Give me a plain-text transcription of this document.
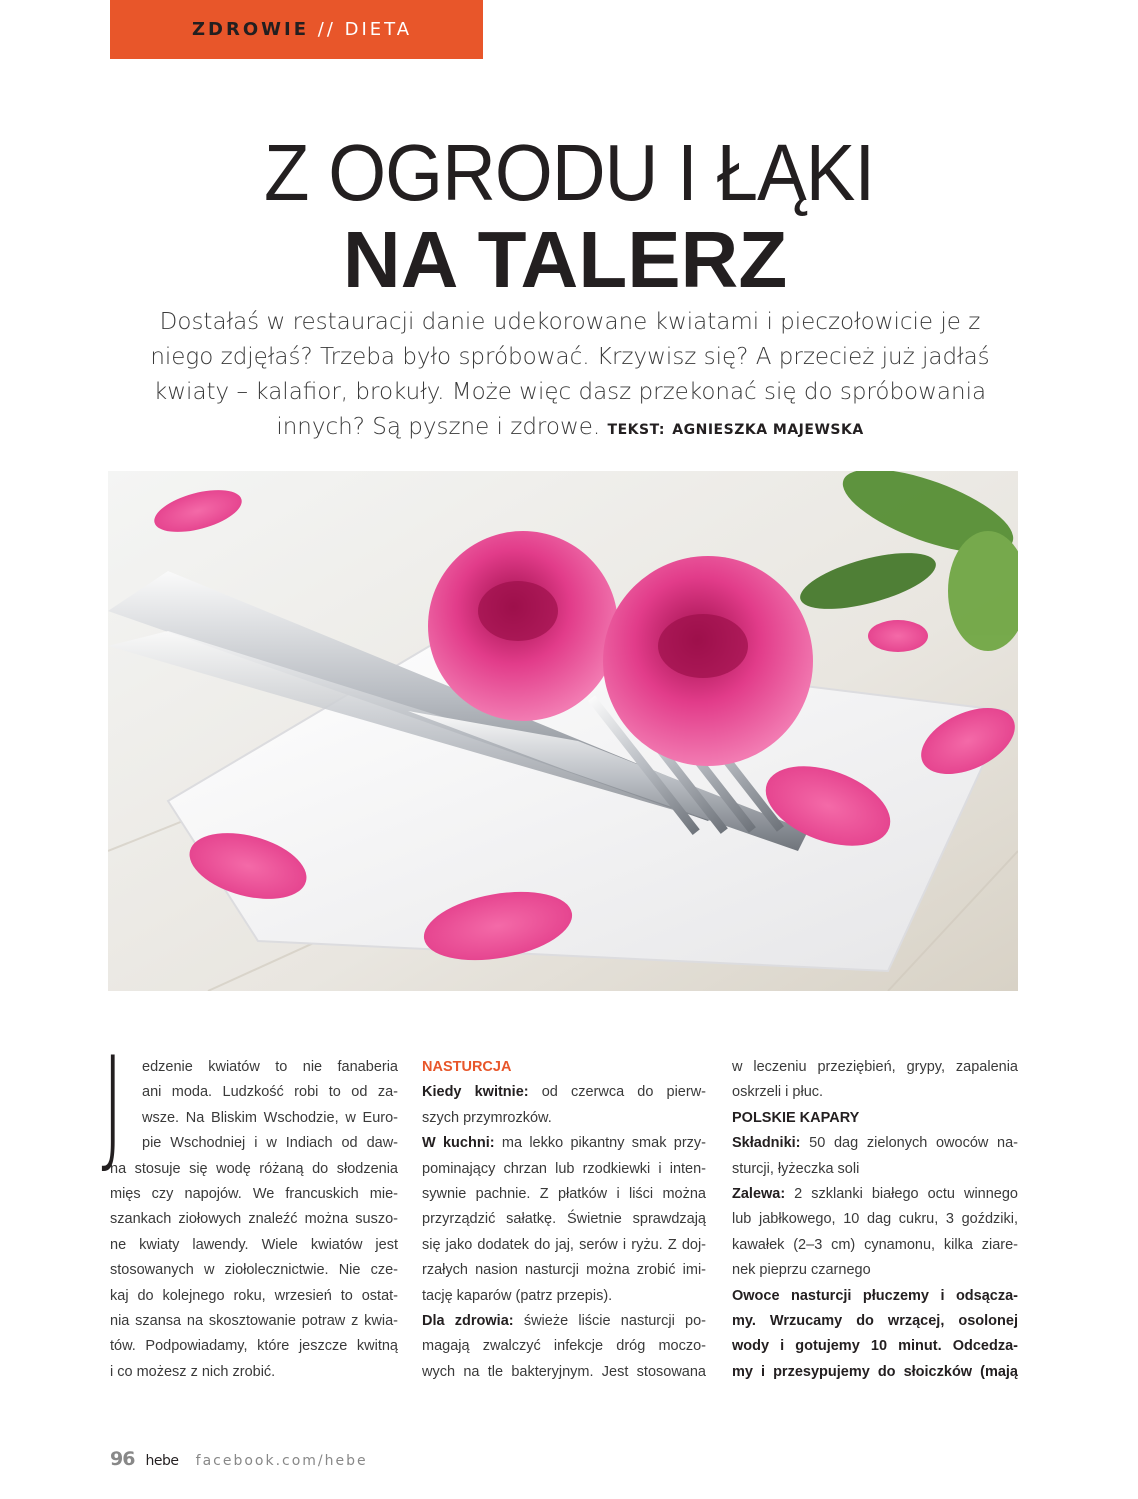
ZDROWIE // DIETA
Z OGRODU I ŁĄKI
NA TALERZ
Dostałaś w restauracji danie udekorowane kwiatami i pieczołowicie je z niego zdjęłaś? Trzeba było spróbować. Krzywisz się? A przecież już jadłaś kwiaty – kalafior, brokuły. Może więc dasz przekonać się do spróbowania innych? Są pyszne i zdrowe. TEKST: AGNIESZKA MAJEWSKA
J	edzenie kwiatów to nie fanaberia
ani moda. Ludzkość robi to od za-
wsze. Na Bliskim Wschodzie, w Euro-
pie Wschodniej i w Indiach od daw-
na stosuje się wodę różaną do słodzenia
mięs czy napojów. We francuskich mie-
szankach ziołowych znaleźć można suszo-
ne kwiaty lawendy. Wiele kwiatów jest
stosowanych w ziołolecznictwie. Nie cze-
kaj do kolejnego roku, wrzesień to ostat-
nia szansa na skosztowanie potraw z kwia-
tów. Podpowiadamy, które jeszcze kwitną
i co możesz z nich zrobić.
NASTURCJA
Kiedy kwitnie: od czerwca do pierw-
szych przymrozków.
W kuchni: ma lekko pikantny smak przy-
pominający chrzan lub rzodkiewki i inten-
sywnie pachnie. Z płatków i liści można
przyrządzić sałatkę. Świetnie sprawdzają
się jako dodatek do jaj, serów i ryżu. Z doj-
rzałych nasion nasturcji można zrobić imi-
tację kaparów (patrz przepis).
Dla zdrowia: świeże liście nasturcji po-
magają zwalczyć infekcje dróg moczo-
wych na tle bakteryjnym. Jest stosowana
w leczeniu przeziębień, grypy, zapalenia
oskrzeli i płuc.
POLSKIE KAPARY
Składniki: 50 dag zielonych owoców na-
sturcji, łyżeczka soli
Zalewa: 2 szklanki białego octu winnego
lub jabłkowego, 10 dag cukru, 3 goździki,
kawałek (2–3 cm) cynamonu, kilka ziare-
nek pieprzu czarnego
Owoce nasturcji płuczemy i odsącza-
my. Wrzucamy do wrzącej, osolonej
wody i gotujemy 10 minut. Odcedza-
my i przesypujemy do słoiczków (mają
96 hebe facebook.com/hebe
